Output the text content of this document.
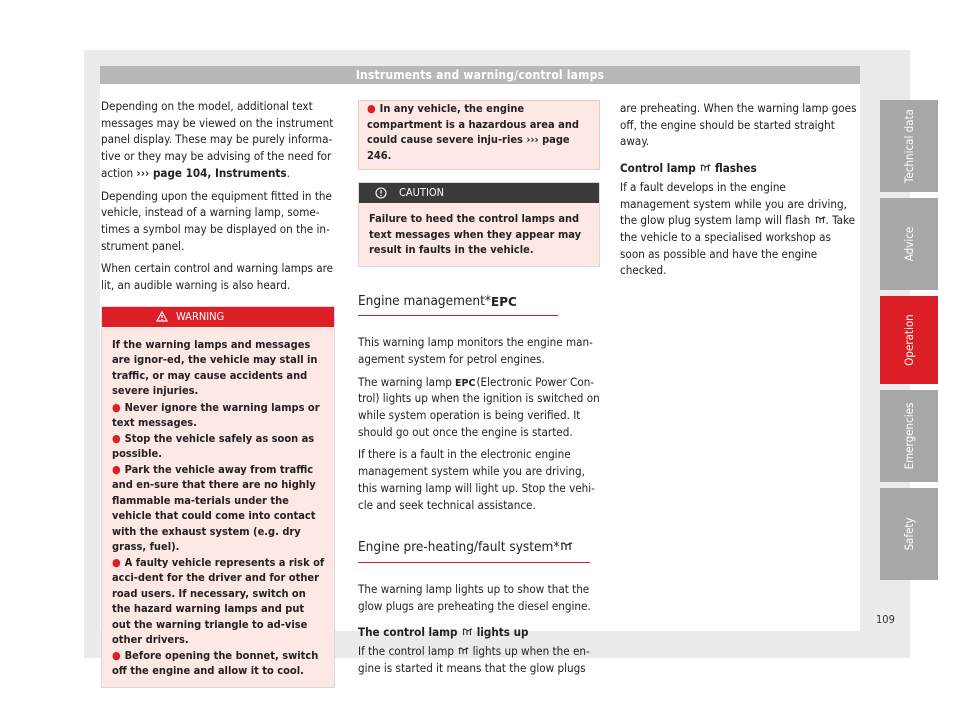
Instruments and warning/control lamps

Depending on the model, additional text messages may be viewed on the instrument panel display. These may be purely informa-tive or they may be advising of the need for action ››› page 104, Instruments.

Depending upon the equipment fitted in the vehicle, instead of a warning lamp, some-times a symbol may be displayed on the in-strument panel.

When certain control and warning lamps are lit, an audible warning is also heard.

WARNING
If the warning lamps and messages are ignor-ed, the vehicle may stall in traffic, or may cause accidents and severe injuries.
● Never ignore the warning lamps or text messages.
● Stop the vehicle safely as soon as possible.
● Park the vehicle away from traffic and en-sure that there are no highly flammable ma-terials under the vehicle that could come into contact with the exhaust system (e.g. dry grass, fuel).
● A faulty vehicle represents a risk of acci-dent for the driver and for other road users. If necessary, switch on the hazard warning lamps and put out the warning triangle to ad-vise other drivers.
● Before opening the bonnet, switch off the engine and allow it to cool.
● In any vehicle, the engine compartment is a hazardous area and could cause severe inju-ries ››› page 246.
CAUTION
Failure to heed the control lamps and text messages when they appear may result in faults in the vehicle.
Engine management* EPC

This warning lamp monitors the engine man-agement system for petrol engines.

The warning lamp EPC
(Electronic Power Con-trol) lights up when the ignition is switched on while system operation is being verified. It should go out once the engine is started.

If there is a fault in the electronic engine management system while you are driving, this warning lamp will light up. Stop the vehi-cle and seek technical assistance.

Engine pre-heating/fault system*

The warning lamp lights up to show that the glow plugs are preheating the diesel engine.

The control lamp  lights up

If the control lamp  lights up when the en-gine is started it means that the glow plugs

are preheating. When the warning lamp goes off, the engine should be started straight away.

Control lamp  flashes

If a fault develops in the engine management system while you are driving, the glow plug system lamp will flash . Take the vehicle to a specialised workshop as soon as possible and have the engine checked.

Technical data
Advice
Operation
Emergencies
Safety
109
